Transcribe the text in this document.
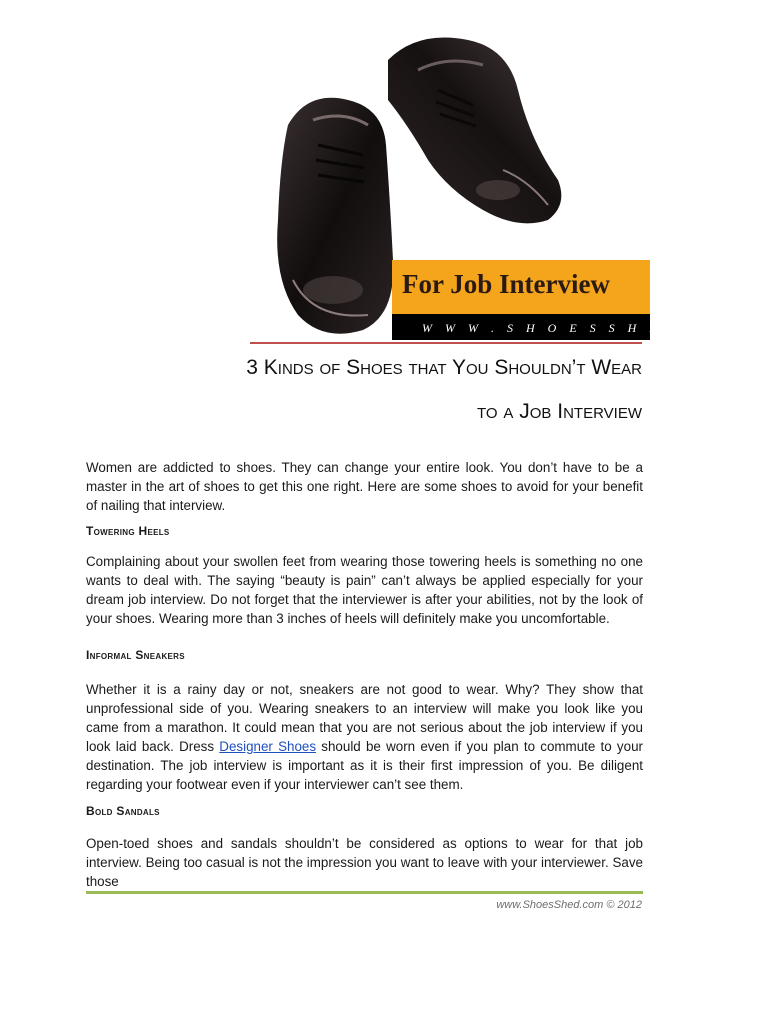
For Job Interview
W W W . S H O E S S H E D . C O M
3 Kinds of Shoes that You Shouldn’t Wear
to a Job Interview
Women are addicted to shoes. They can change your entire look. You don’t have to be a master in the art of shoes to get this one right. Here are some shoes to avoid for your benefit of nailing that interview.
Towering Heels
Complaining about your swollen feet from wearing those towering heels is something no one wants to deal with. The saying “beauty is pain” can’t always be applied especially for your dream job interview. Do not forget that the interviewer is after your abilities, not by the look of your shoes. Wearing more than 3 inches of heels will definitely make you uncomfortable.
Informal Sneakers
Whether it is a rainy day or not, sneakers are not good to wear. Why? They show that unprofessional side of you. Wearing sneakers to an interview will make you look like you came from a marathon. It could mean that you are not serious about the job interview if you look laid back. Dress Designer Shoes should be worn even if you plan to commute to your destination. The job interview is important as it is their first impression of you. Be diligent regarding your footwear even if your interviewer can’t see them.
Bold Sandals
Open-toed shoes and sandals shouldn’t be considered as options to wear for that job interview. Being too casual is not the impression you want to leave with your interviewer. Save those
www.ShoesShed.com © 2012
